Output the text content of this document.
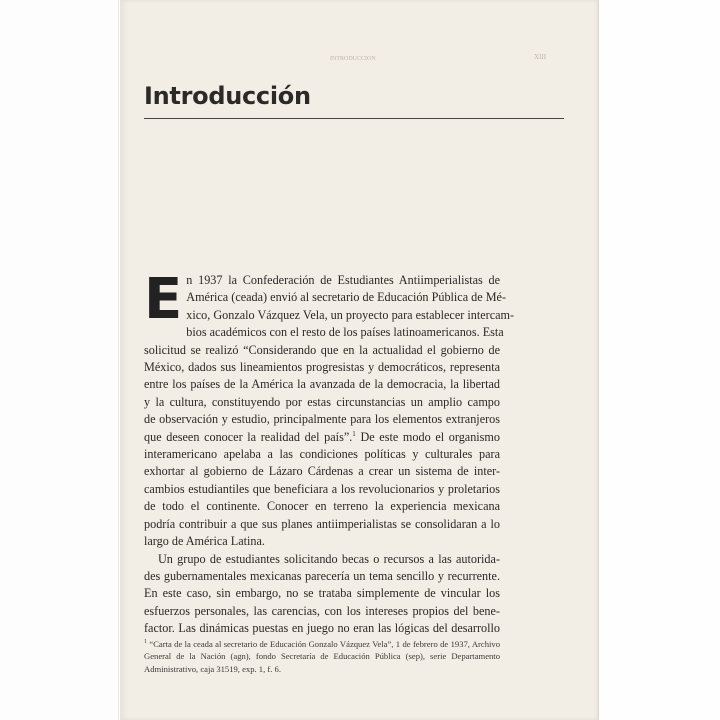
INTRODUCCIÓN	XIII
Introducción

E n 1937 la Confederación de Estudiantes Antiimperialistas de
América (ceada) envió al secretario de Educación Pública de Mé-
xico, Gonzalo Vázquez Vela, un proyecto para establecer intercam-
bios académicos con el resto de los países latinoamericanos. Esta
solicitud se realizó “Considerando que en la actualidad el gobierno de
México, dados sus lineamientos progresistas y democráticos, representa
entre los países de la América la avanzada de la democracia, la libertad
y la cultura, constituyendo por estas circunstancias un amplio campo
de observación y estudio, principalmente para los elementos extranjeros
que deseen conocer la realidad del país”.$^1$ De este modo el organismo
interamericano apelaba a las condiciones políticas y culturales para
exhortar al gobierno de Lázaro Cárdenas a crear un sistema de inter-
cambios estudiantiles que beneficiara a los revolucionarios y proletarios
de todo el continente. Conocer en terreno la experiencia mexicana
podría contribuir a que sus planes antiimperialistas se consolidaran a lo
largo de América Latina.

Un grupo de estudiantes solicitando becas o recursos a las autorida-
des gubernamentales mexicanas parecería un tema sencillo y recurrente.
En este caso, sin embargo, no se trataba simplemente de vincular los
esfuerzos personales, las carencias, con los intereses propios del bene-
factor. Las dinámicas puestas en juego no eran las lógicas del desarrollo

$^1$ “Carta de la ceada al secretario de Educación Gonzalo Vázquez Vela”, 1 de febrero de 1937, Archivo General de la Nación (agn), fondo Secretaría de Educación Pública (sep), serie Departamento Administrativo, caja 31519, exp. 1, f. 6.
